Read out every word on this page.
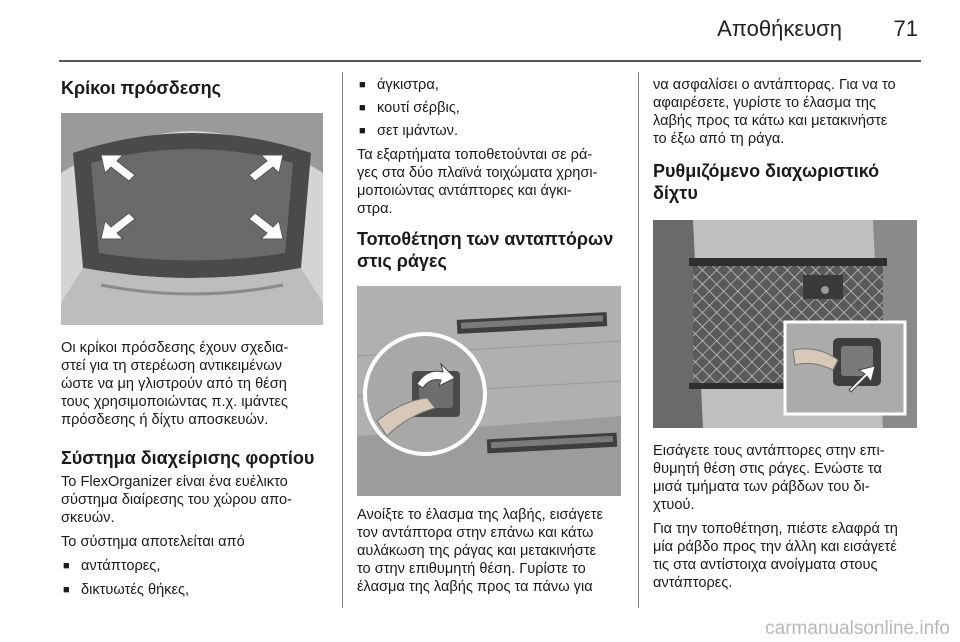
Αποθήκευση 71
Κρίκοι πρόσδεσης

Οι κρίκοι πρόσδεσης έχουν σχεδια-

στεί για τη στερέωση αντικειμένων

ώστε να μη γλιστρούν από τη θέση

τους χρησιμοποιώντας π.χ. ιμάντες

πρόσδεσης ή δίχτυ αποσκευών.

Σύστημα διαχείρισης φορτίου

Το FlexOrganizer είναι ένα ευέλικτο

σύστημα διαίρεσης του χώρου απο-

σκευών.

Το σύστημα αποτελείται από

■ αντάπτορες,

■ δικτυωτές θήκες,

■ άγκιστρα,

■ κουτί σέρβις,

■ σετ ιμάντων.

Τα εξαρτήματα τοποθετούνται σε ρά-

γες στα δύο πλαϊνά τοιχώματα χρησι-

μοποιώντας αντάπτορες και άγκι-

στρα.

Τοποθέτηση των ανταπτόρων
στις ράγες

Ανοίξτε το έλασμα της λαβής, εισάγετε

τον αντάπτορα στην επάνω και κάτω

αυλάκωση της ράγας και μετακινήστε

το στην επιθυμητή θέση. Γυρίστε το

έλασμα της λαβής προς τα πάνω για

να ασφαλίσει ο αντάπτορας. Για να το

αφαιρέσετε, γυρίστε το έλασμα της

λαβής προς τα κάτω και μετακινήστε

το έξω από τη ράγα.

Ρυθμιζόμενο διαχωριστικό δίχτυ

Εισάγετε τους αντάπτορες στην επι-

θυμητή θέση στις ράγες. Ενώστε τα

μισά τμήματα των ράβδων του δι-

χτυού.

Για την τοποθέτηση, πιέστε ελαφρά τη

μία ράβδο προς την άλλη και εισάγετέ

τις στα αντίστοιχα ανοίγματα στους

αντάπτορες.

carmanualsonline.info
